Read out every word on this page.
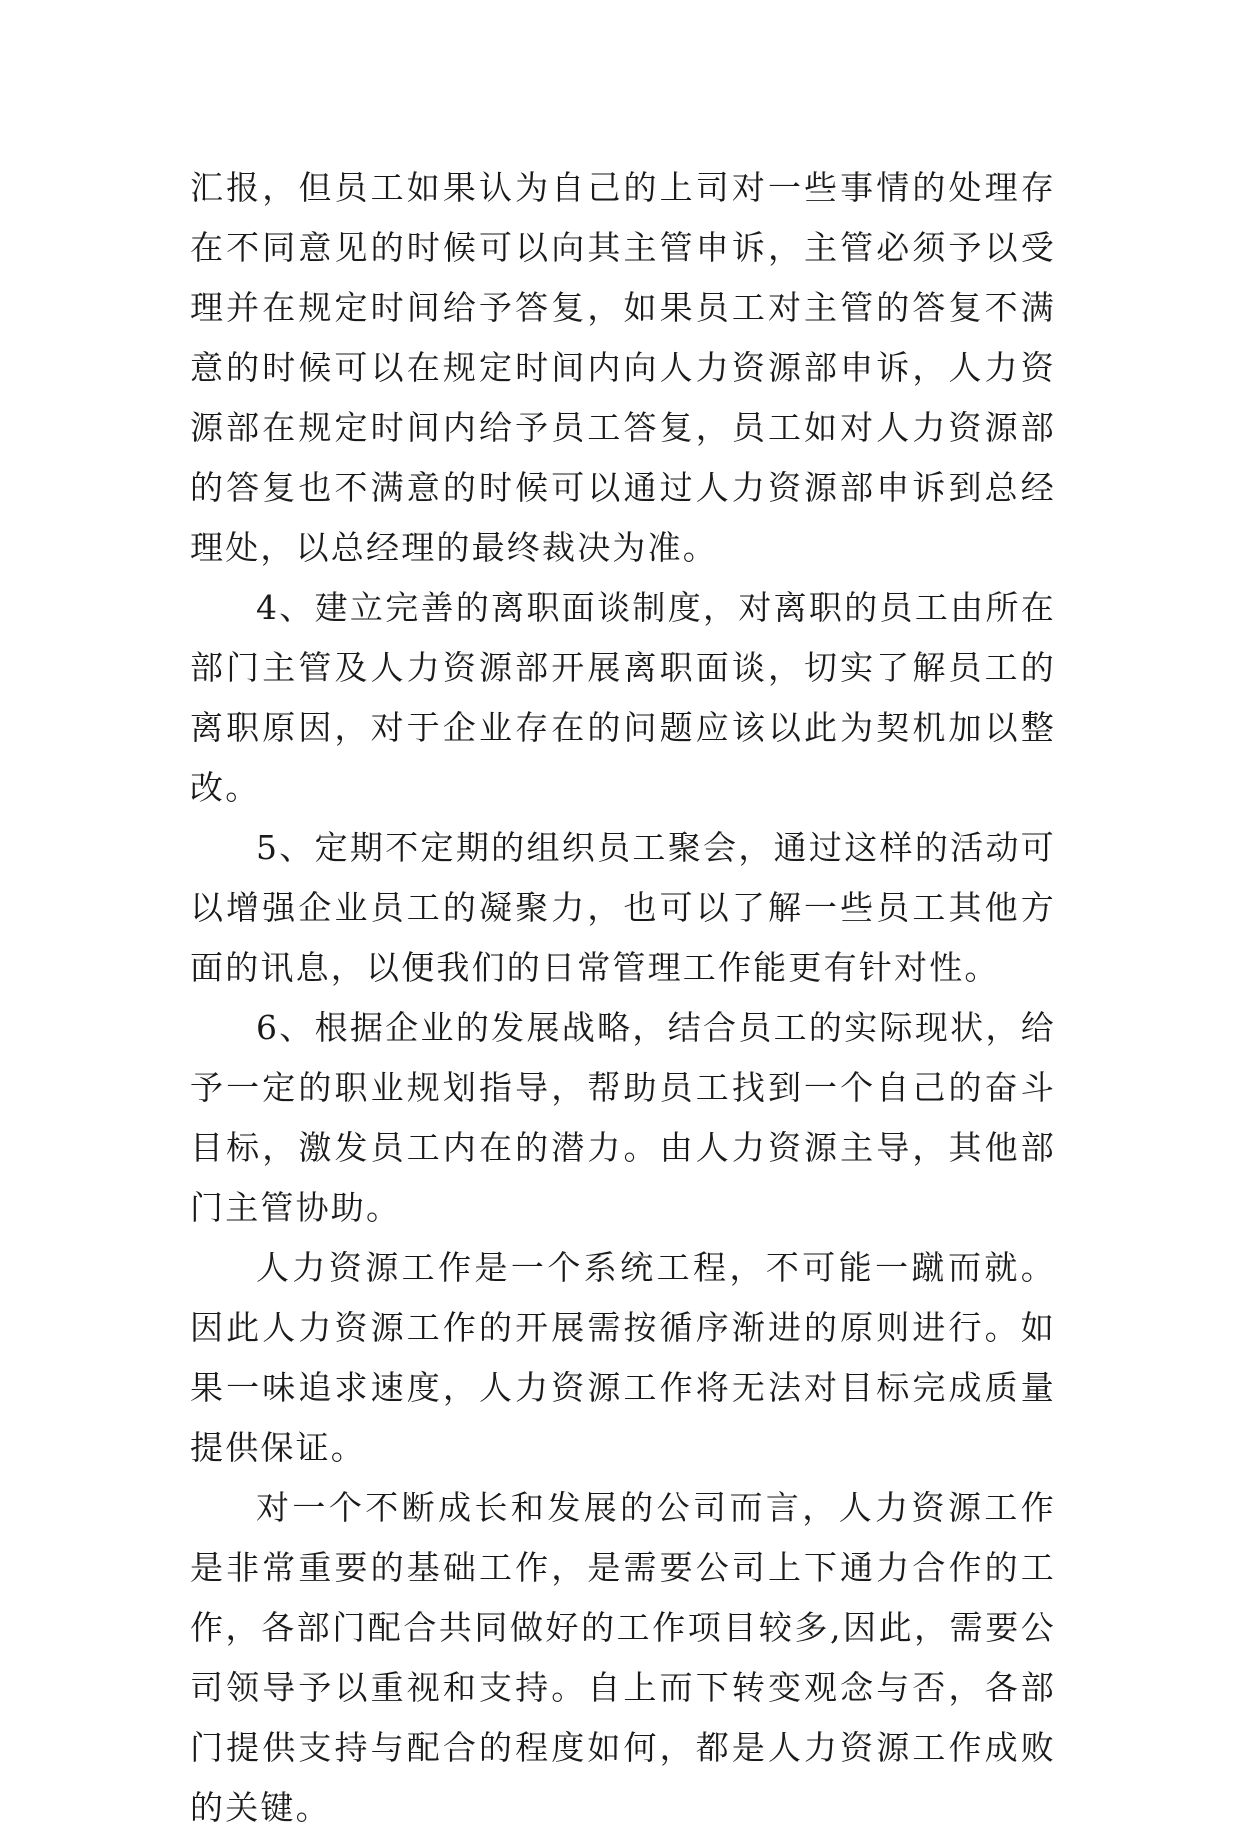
汇报，但员工如果认为自己的上司对一些事情的处理存在不同意见的时候可以向其主管申诉，主管必须予以受理并在规定时间给予答复，如果员工对主管的答复不满意的时候可以在规定时间内向人力资源部申诉，人力资源部在规定时间内给予员工答复，员工如对人力资源部的答复也不满意的时候可以通过人力资源部申诉到总经理处，以总经理的最终裁决为准。

4、建立完善的离职面谈制度，对离职的员工由所在部门主管及人力资源部开展离职面谈，切实了解员工的离职原因，对于企业存在的问题应该以此为契机加以整改。

5、定期不定期的组织员工聚会，通过这样的活动可以增强企业员工的凝聚力，也可以了解一些员工其他方面的讯息，以便我们的日常管理工作能更有针对性。

6、根据企业的发展战略，结合员工的实际现状，给予一定的职业规划指导，帮助员工找到一个自己的奋斗目标，激发员工内在的潜力。由人力资源主导，其他部门主管协助。

人力资源工作是一个系统工程，不可能一蹴而就。因此人力资源工作的开展需按循序渐进的原则进行。如果一味追求速度，人力资源工作将无法对目标完成质量提供保证。

对一个不断成长和发展的公司而言，人力资源工作是非常重要的基础工作，是需要公司上下通力合作的工作，各部门配合共同做好的工作项目较多,因此，需要公司领导予以重视和支持。自上而下转变观念与否，各部门提供支持与配合的程度如何，都是人力资源工作成败的关键。
